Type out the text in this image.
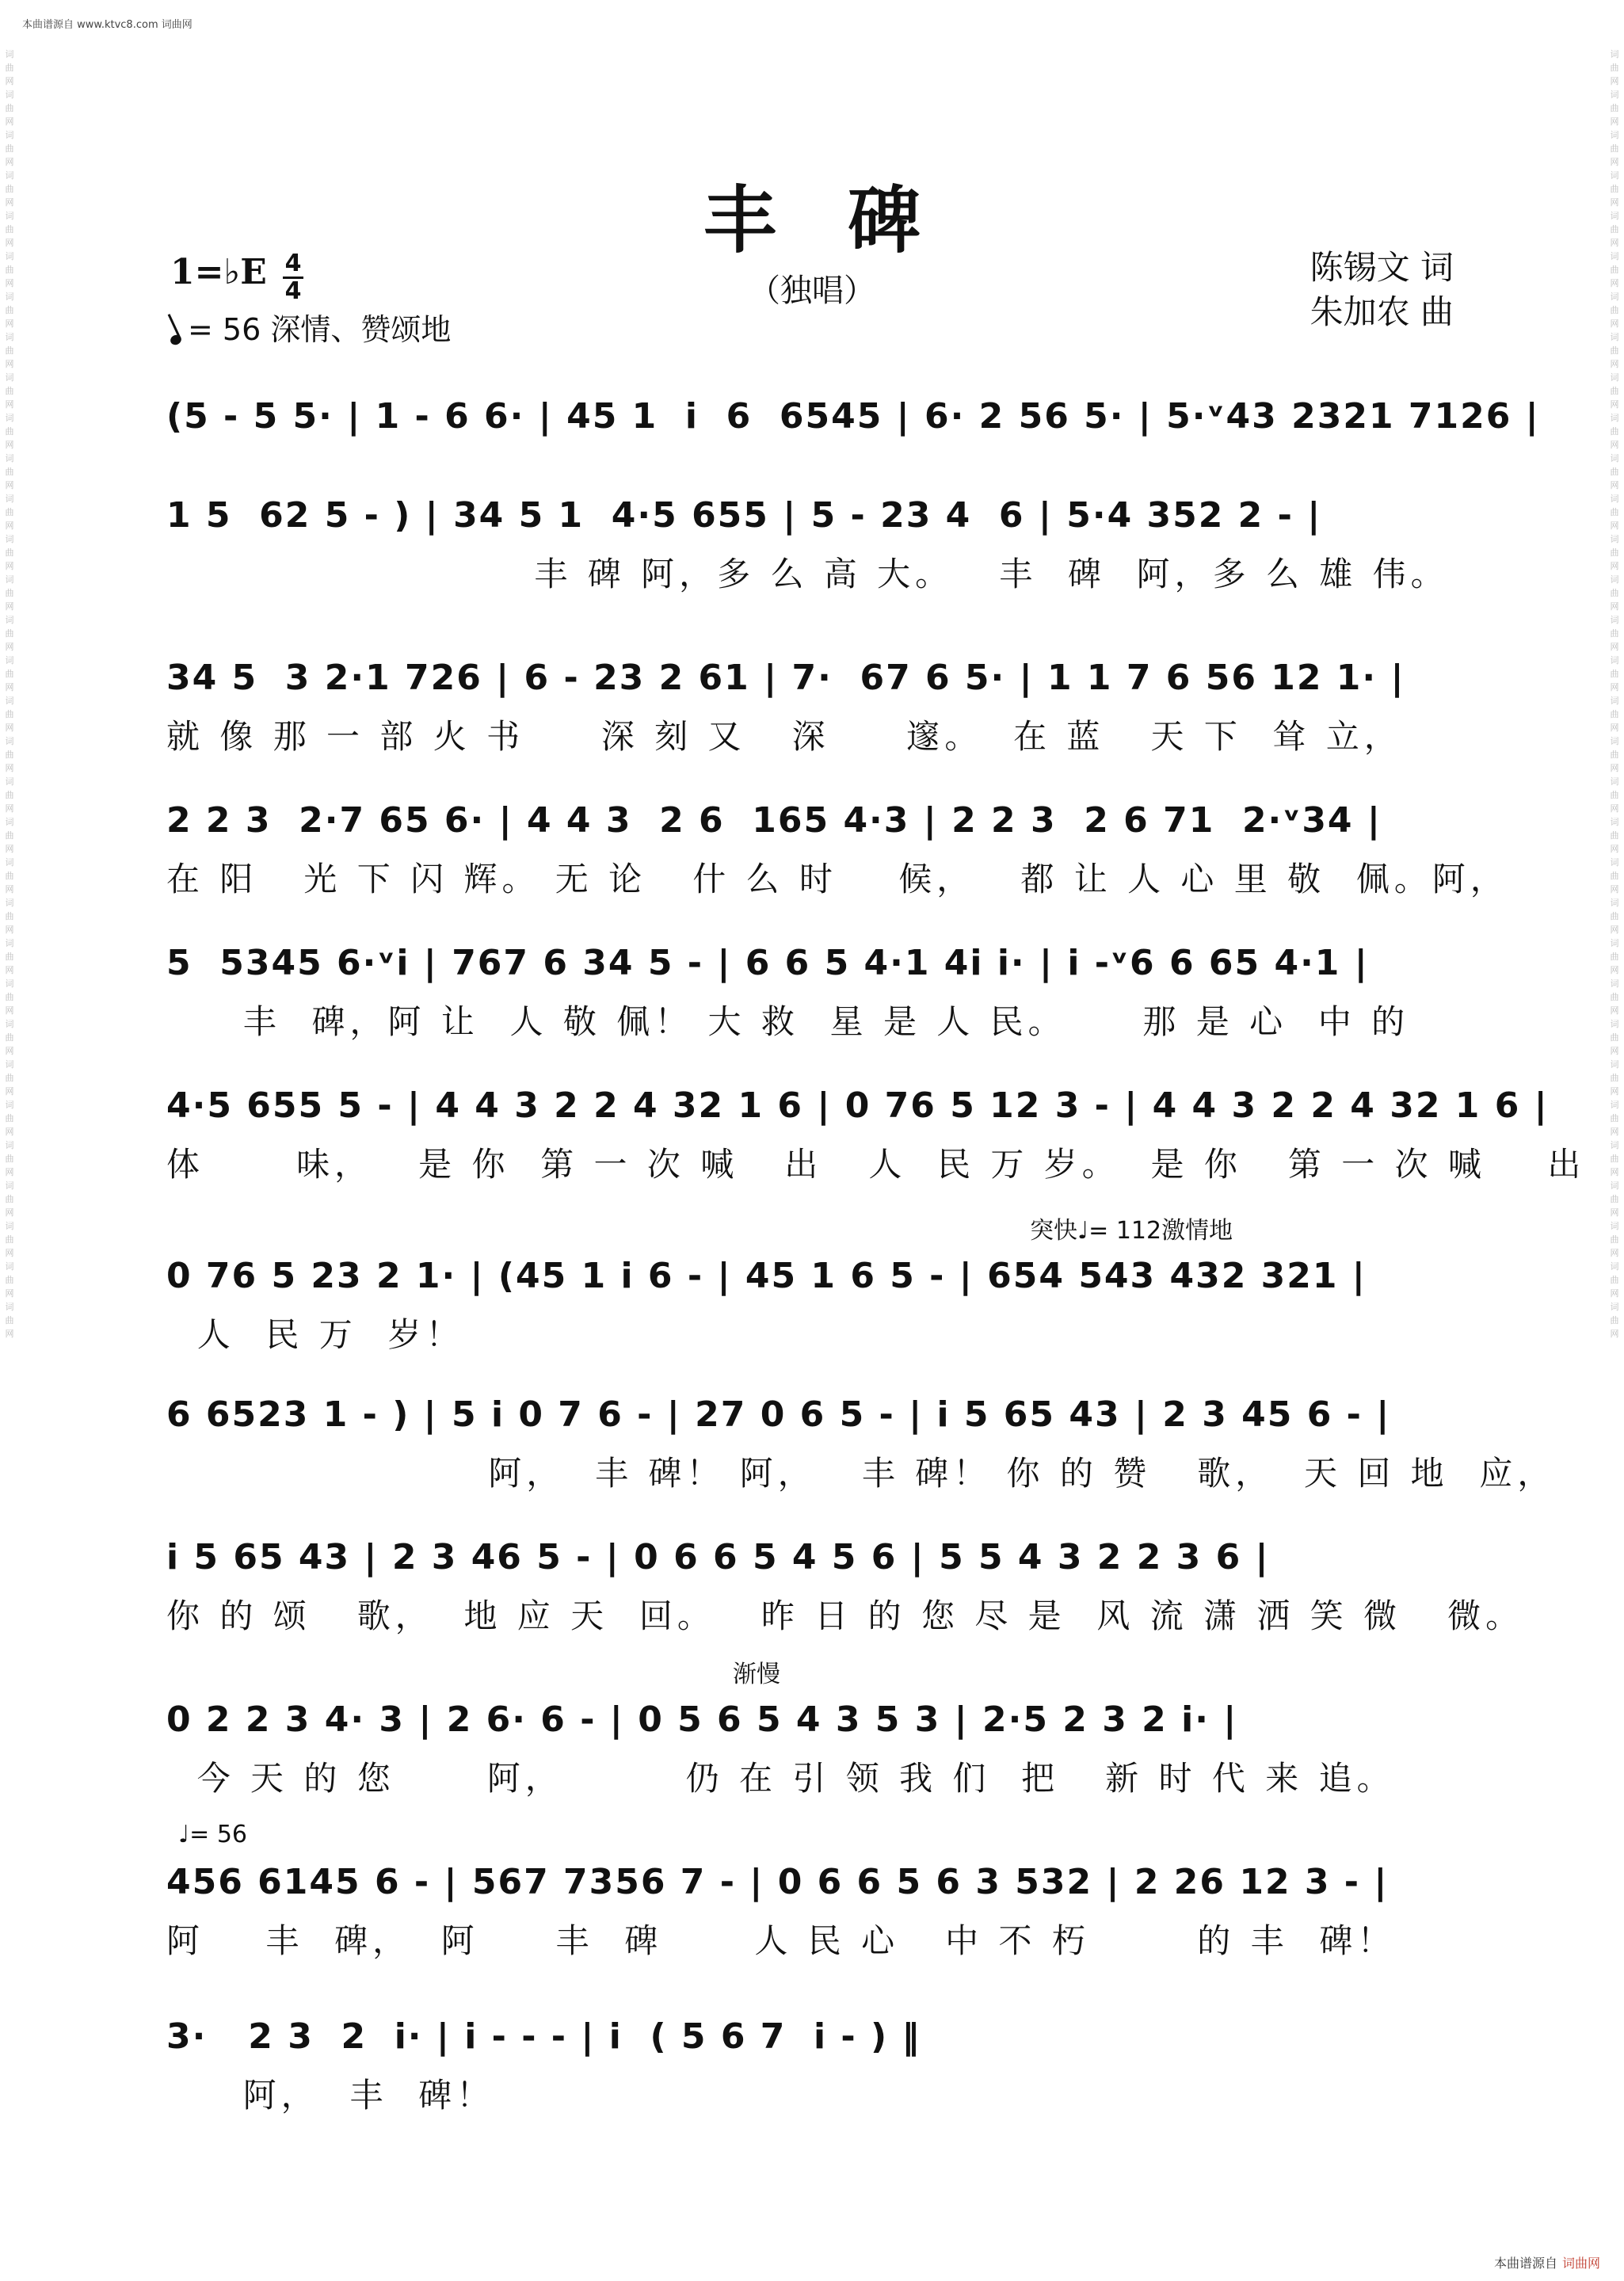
本曲谱源自 www.ktvc8.com 词曲网
词曲网词曲网词曲网词曲网词曲网词曲网词曲网词曲网词曲网词曲网词曲网词曲网词曲网词曲网词曲网词曲网词曲网词曲网词曲网词曲网词曲网词曲网词曲网词曲网词曲网词曲网词曲网词曲网词曲网词曲网词曲网词曲网
词曲网词曲网词曲网词曲网词曲网词曲网词曲网词曲网词曲网词曲网词曲网词曲网词曲网词曲网词曲网词曲网词曲网词曲网词曲网词曲网词曲网词曲网词曲网词曲网词曲网词曲网词曲网词曲网词曲网词曲网词曲网词曲网
丰碑
（独唱）
陈锡文 词
朱加农 曲
1=♭E 4
4
= 56 深情、赞颂地
突快♩= 112激情地
渐慢
♩= 56
(5 - 5 5· | 1 - 6 6· | 45 1  i  6  6545 | 6· 2 56 5· | 5·ᵛ43 2321 7126 |
1 5  62 5 - ) | 34 5 1  4·5 655 | 5 - 23 4  6 | 5·4 352 2 - |
丰 碑 阿，多 么 高 大。   丰  碑  阿，多 么 雄 伟。
34 5  3 2·1 726 | 6 - 23 2 61 | 7·  67 6 5· | 1 1 7 6 56 12 1· |
就 像 那 一 部 火 书     深 刻 又   深     邃。  在 蓝   天 下  耸 立，
2 2 3  2·7 65 6· | 4 4 3  2 6  165 4·3 | 2 2 3  2 6 71  2·ᵛ34 |
在 阳   光 下 闪 辉。 无 论   什 么 时    候，   都 让 人 心 里 敬  佩。阿，
5  5345 6·ᵛi | 767 6 34 5 - | 6 6 5 4·1 4i i· | i -ᵛ6 6 65 4·1 |
丰  碑，阿 让  人 敬 佩！ 大 救  星 是 人 民。     那 是 心  中 的
4·5 655 5 - | 4 4 3 2 2 4 32 1 6 | 0 76 5 12 3 - | 4 4 3 2 2 4 32 1 6 |
体      味，   是 你  第 一 次 喊   出   人  民 万 岁。  是 你   第 一 次 喊    出
0 76 5 23 2 1· | (45 1 i 6 - | 45 1 6 5 - | 654 543 432 321 |
人  民 万  岁！
6 6523 1 - ) | 5 i 0 7 6 - | 27 0 6 5 - | i 5 65 43 | 2 3 45 6 - |
阿，  丰 碑！ 阿，   丰 碑！ 你 的 赞   歌，  天 回 地  应，
i 5 65 43 | 2 3 46 5 - | 0 6 6 5 4 5 6 | 5 5 4 3 2 2 3 6 |
你 的 颂   歌，  地 应 天  回。   昨 日 的 您 尽 是  风 流 潇 洒 笑 微   微。
0 2 2 3 4· 3 | 2 6· 6 - | 0 5 6 5 4 3 5 3 | 2·5 2 3 2 i· |
今 天 的 您      阿，        仍 在 引 领 我 们  把   新 时 代 来 追。
456 6145 6 - | 567 7356 7 - | 0 6 6 5 6 3 532 | 2 26 12 3 - |
阿    丰  碑，  阿     丰  碑      人 民 心   中 不 朽       的 丰  碑！
3·   2 3  2  i· | i - - - | i  ( 5 6 7  i - ) ‖
阿，  丰  碑！
本曲谱源自 词曲网
